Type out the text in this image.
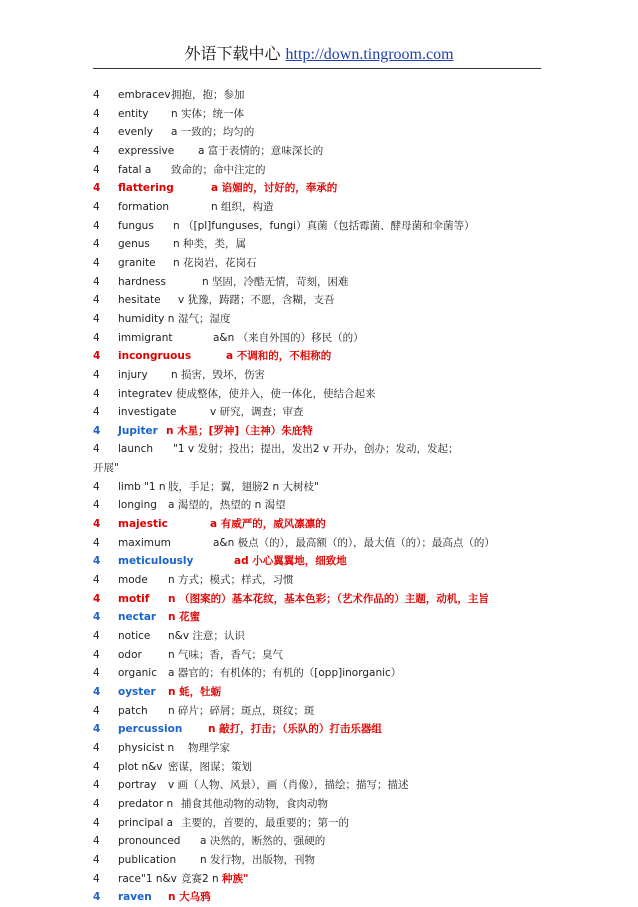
外语下载中心 http://down.tingroom.com
4 embracev 拥抱，抱；参加
4 entity n 实体；统一体
4 evenly a 一致的；均匀的
4 expressive a 富于表情的；意味深长的
4 fatal a 致命的；命中注定的
4 flattering	a 谄媚的，讨好的，奉承的
4 formation	n 组织，构造
4 fungus n （[pl]funguses，fungi）真菌（包括霉菌、酵母菌和伞菌等）
4 genus n 种类，类，属
4 granite n 花岗岩，花岗石
4 hardness	n 坚固，冷酷无情，苛刻，困难
4 hesitate v 犹豫，踌躇；不愿，含糊，支吾
4 humidity n 湿气；湿度
4 immigrant	a&n （来自外国的）移民（的）
4 incongruous	a 不调和的，不相称的
4 injury n 损害，毁坏，伤害
4 integratev 使成整体，使并入，使一体化，使结合起来
4 investigate	v 研究，调查；审查
4 Jupiter n 木星；[罗神]（主神）朱庇特
4 launch "1 v 发射；投出；提出，发出2 v 开办，创办；发动，发起；
开展"
4 limb "1 n 肢，手足；翼，翅膀2 n 大树枝"
4 longing a 渴望的，热望的 n 渴望
4 majestic	a 有威严的，威风凛凛的
4 maximum	a&n 极点（的），最高额（的），最大值（的）；最高点（的）
4 meticulously	ad 小心翼翼地，细致地
4 mode n 方式；模式；样式，习惯
4 motif n （图案的）基本花纹，基本色彩；（艺术作品的）主题，动机，主旨
4 nectar n 花蜜
4 notice n&v 注意；认识
4 odor n 气味；香，香气；臭气
4 organic a 器官的；有机体的；有机的（[opp]inorganic）
4 oyster n 蚝，牡蛎
4 patch n 碎片；碎屑；斑点，斑纹；斑
4 percussion n 敲打，打击；（乐队的）打击乐器组
4 physicist n 物理学家
4 plot n&v 密谋，图谋；策划
4 portray v 画（人物、风景），画（肖像），描绘；描写；描述
4 predator n 捕食其他动物的动物，食肉动物
4 principal a 主要的，首要的，最重要的；第一的
4 pronounced a 决然的，断然的，强硬的
4 publication n 发行物，出版物，刊物
4 race"1 n&v 竞赛2 n 种族"
4 raven n 大乌鸦
